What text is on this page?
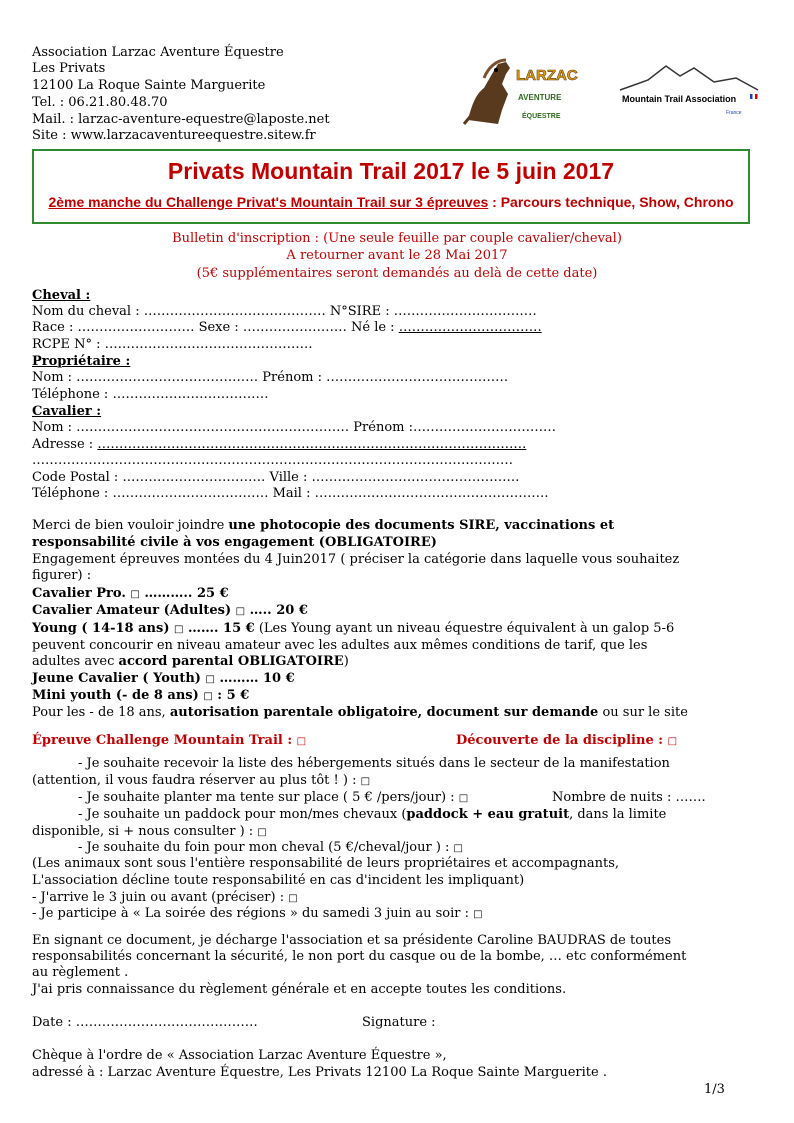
Association Larzac Aventure Équestre
Les Privats
12100 La Roque Sainte Marguerite
Tel. : 06.21.80.48.70
Mail. : larzac-aventure-equestre@laposte.net
Site : www.larzacaventureequestre.sitew.fr
LARZAC
AVENTURE
ÉQUESTRE
Mountain Trail Association
France
Privats Mountain Trail 2017 le 5 juin 2017
2ème manche du Challenge Privat's Mountain Trail sur 3 épreuves : Parcours technique, Show, Chrono
Bulletin d'inscription : (Une seule feuille par couple cavalier/cheval)
A retourner avant le 28 Mai 2017
(5€ supplémentaires seront demandés au delà de cette date)
Cheval :
Nom du cheval : …………………………………… N°SIRE : ……………………………
Race : ……………………… Sexe : …………………… Né le : ……………………………
RCPE N° : …………………………………………
Propriétaire :
Nom : …………………………………… Prénom : ……………………………………
Téléphone : ………………………………
Cavalier :
Nom : ……………………………………………………… Prénom :……………………………
Adresse : ………………………………………………………………………………………
…………………………………………………………………………………………………
Code Postal : …………………………… Ville : …………………………………………
Téléphone : ……………………………… Mail : ………………………………………………
Merci de bien vouloir joindre une photocopie des documents SIRE, vaccinations et
responsabilité civile à vos engagement (OBLIGATOIRE)
Engagement épreuves montées du 4 Juin2017 ( préciser la catégorie dans laquelle vous souhaitez
figurer) :
Cavalier Pro. □ ……….. 25 €
Cavalier Amateur (Adultes) □ ….. 20 €
Young ( 14-18 ans) □ ……. 15 € (Les Young ayant un niveau équestre équivalent à un galop 5-6
peuvent concourir en niveau amateur avec les adultes aux mêmes conditions de tarif, que les
adultes avec accord parental OBLIGATOIRE)
Jeune Cavalier ( Youth) □ ……… 10 €
Mini youth (- de 8 ans) □ : 5 €
Pour les - de 18 ans, autorisation parentale obligatoire, document sur demande ou sur le site
Épreuve Challenge Mountain Trail : □	Découverte de la discipline : □
- Je souhaite recevoir la liste des hébergements situés dans le secteur de la manifestation
(attention, il vous faudra réserver au plus tôt ! ) : □
- Je souhaite planter ma tente sur place ( 5 € /pers/jour) : □	Nombre de nuits : …….
- Je souhaite un paddock pour mon/mes chevaux (paddock + eau gratuit, dans la limite
disponible, si + nous consulter ) : □
- Je souhaite du foin pour mon cheval (5 €/cheval/jour ) : □
(Les animaux sont sous l'entière responsabilité de leurs propriétaires et accompagnants,
L'association décline toute responsabilité en cas d'incident les impliquant)
- J'arrive le 3 juin ou avant (préciser) : □
- Je participe à « La soirée des régions » du samedi 3 juin au soir : □
En signant ce document, je décharge l'association et sa présidente Caroline BAUDRAS de toutes
responsabilités concernant la sécurité, le non port du casque ou de la bombe, … etc conformément
au règlement .
J'ai pris connaissance du règlement générale et en accepte toutes les conditions.
Date : ……………………………………	Signature :
Chèque à l'ordre de « Association Larzac Aventure Équestre »,
adressé à : Larzac Aventure Équestre, Les Privats 12100 La Roque Sainte Marguerite .
1/3
